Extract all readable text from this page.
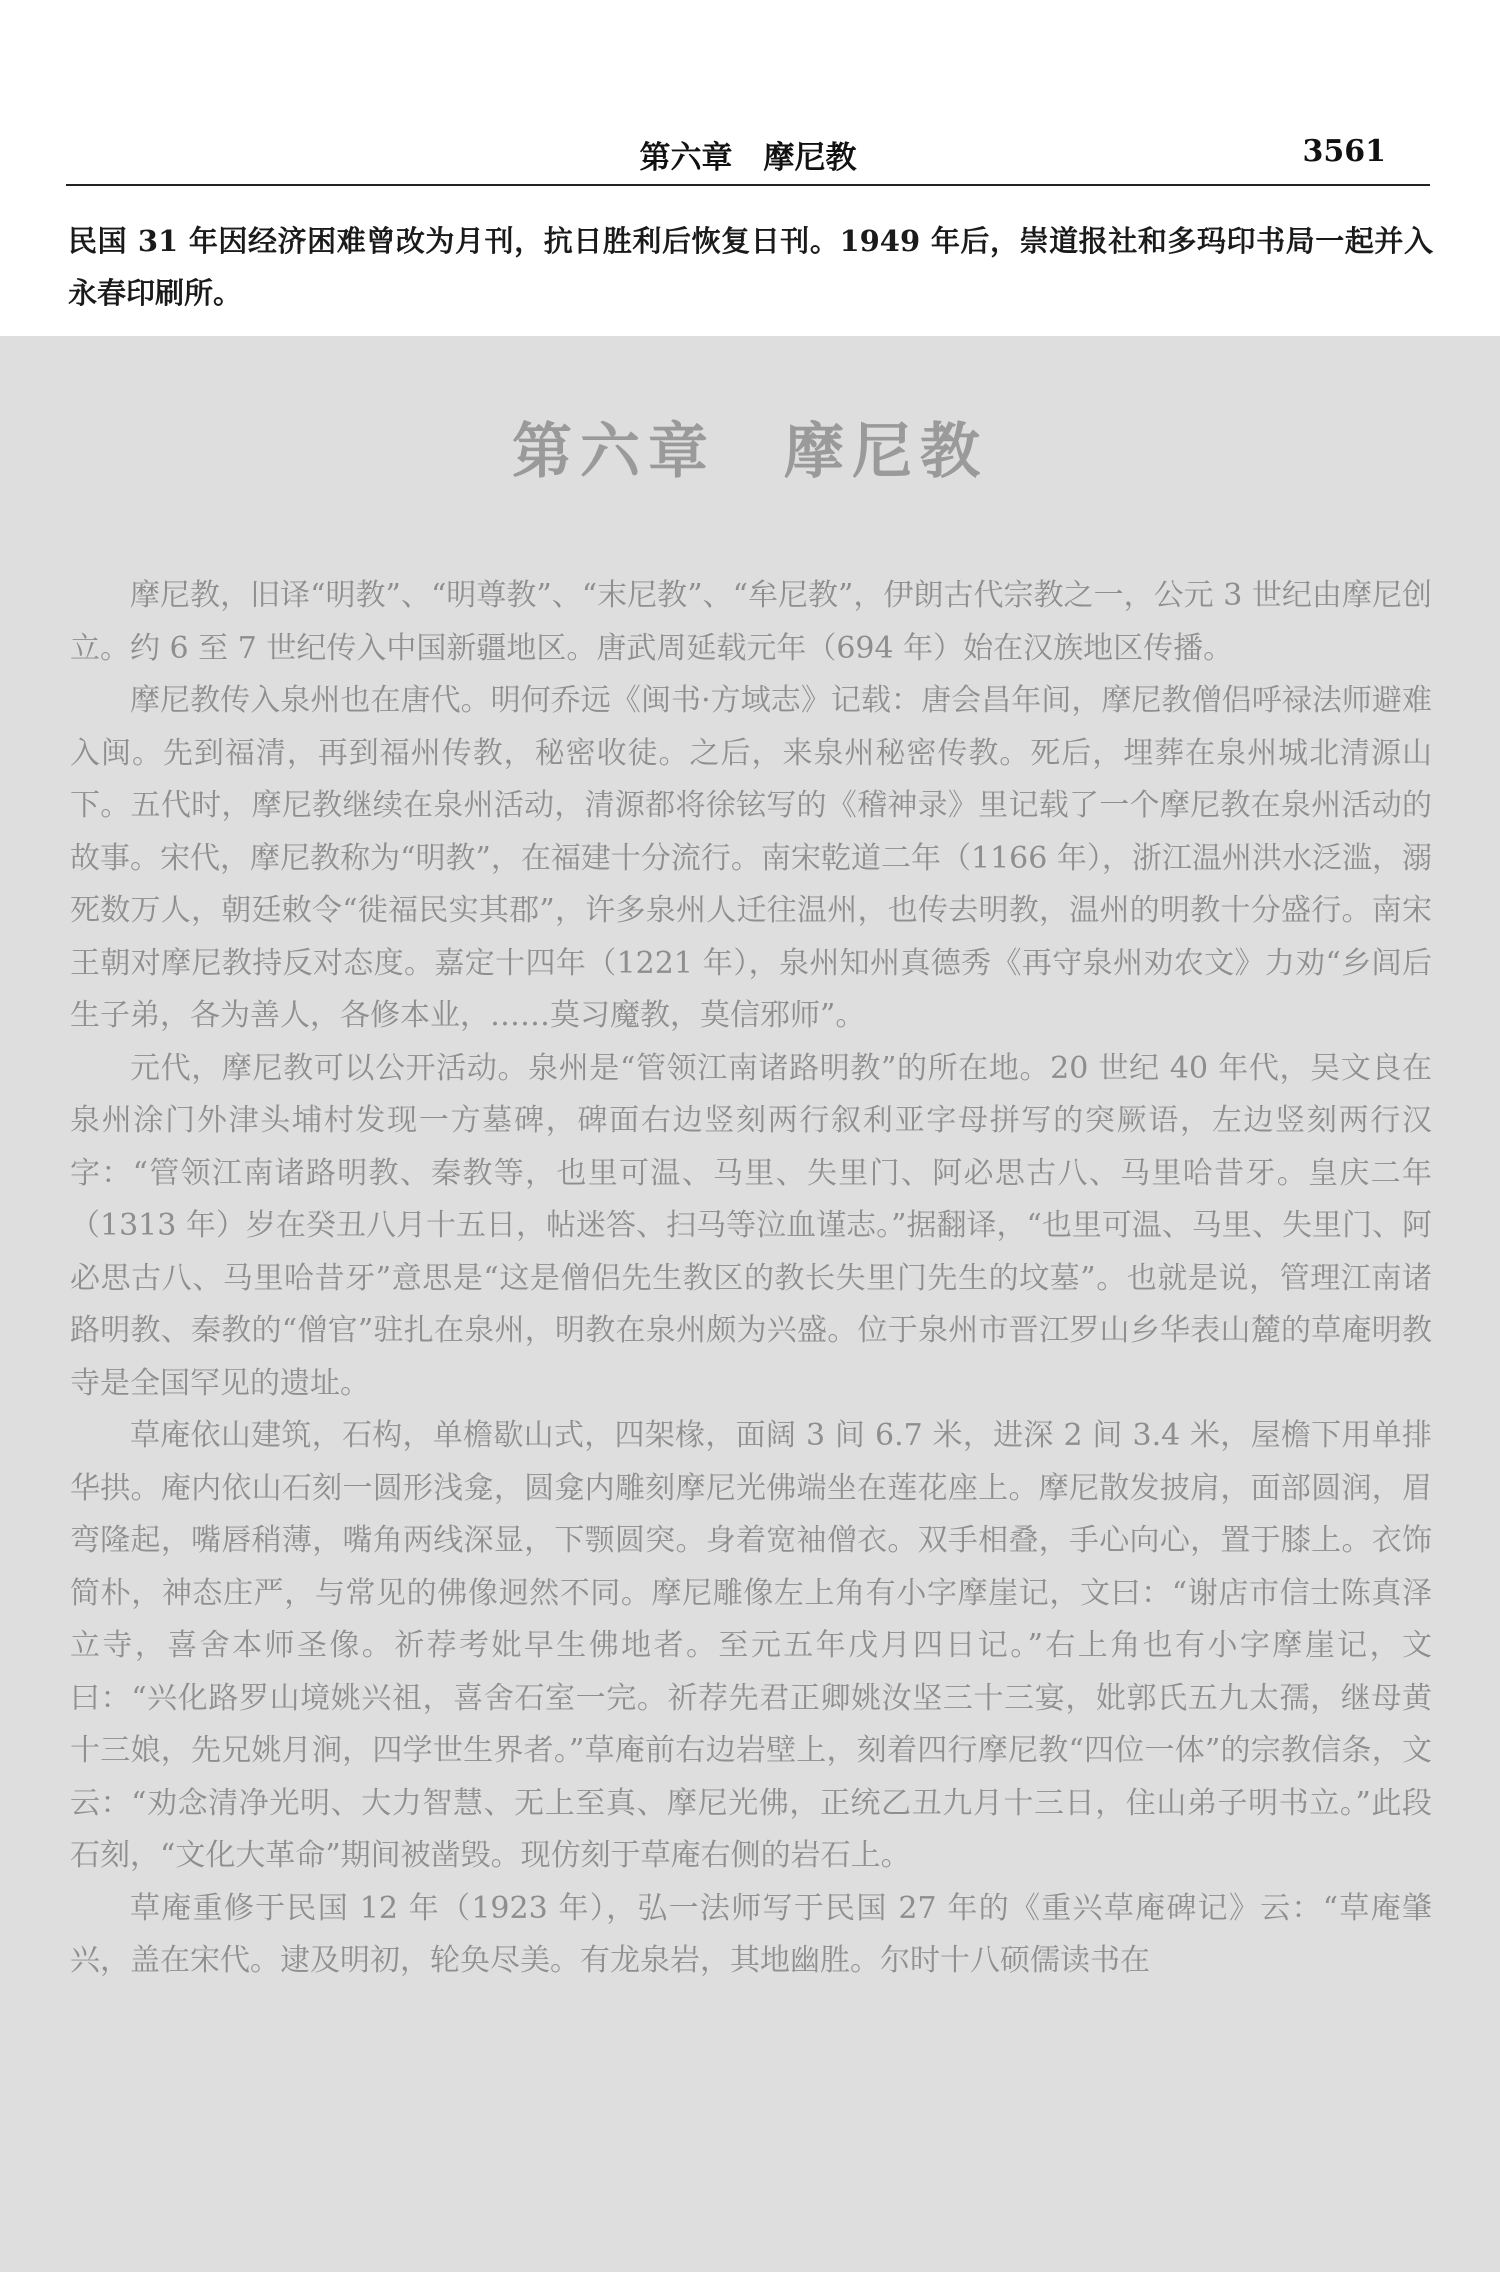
第六章　摩尼教	3561

民国 31 年因经济困难曾改为月刊，抗日胜利后恢复日刊。1949 年后，崇道报社和多玛印书局一起并入永春印刷所。

第六章　摩尼教

摩尼教，旧译“明教”、“明尊教”、“末尼教”、“牟尼教”，伊朗古代宗教之一，公元 3 世纪由摩尼创立。约 6 至 7 世纪传入中国新疆地区。唐武周延载元年（694 年）始在汉族地区传播。

摩尼教传入泉州也在唐代。明何乔远《闽书·方域志》记载：唐会昌年间，摩尼教僧侣呼禄法师避难入闽。先到福清，再到福州传教，秘密收徒。之后，来泉州秘密传教。死后，埋葬在泉州城北清源山下。五代时，摩尼教继续在泉州活动，清源都将徐铉写的《稽神录》里记载了一个摩尼教在泉州活动的故事。宋代，摩尼教称为“明教”，在福建十分流行。南宋乾道二年（1166 年），浙江温州洪水泛滥，溺死数万人，朝廷敕令“徙福民实其郡”，许多泉州人迁往温州，也传去明教，温州的明教十分盛行。南宋王朝对摩尼教持反对态度。嘉定十四年（1221 年），泉州知州真德秀《再守泉州劝农文》力劝“乡闾后生子弟，各为善人，各修本业，……莫习魔教，莫信邪师”。

元代，摩尼教可以公开活动。泉州是“管领江南诸路明教”的所在地。20 世纪 40 年代，吴文良在泉州涂门外津头埔村发现一方墓碑，碑面右边竖刻两行叙利亚字母拼写的突厥语，左边竖刻两行汉字：“管领江南诸路明教、秦教等，也里可温、马里、失里门、阿必思古八、马里哈昔牙。皇庆二年（1313 年）岁在癸丑八月十五日，帖迷答、扫马等泣血谨志。”据翻译，“也里可温、马里、失里门、阿必思古八、马里哈昔牙”意思是“这是僧侣先生教区的教长失里门先生的坟墓”。也就是说，管理江南诸路明教、秦教的“僧官”驻扎在泉州，明教在泉州颇为兴盛。位于泉州市晋江罗山乡华表山麓的草庵明教寺是全国罕见的遗址。

草庵依山建筑，石构，单檐歇山式，四架椽，面阔 3 间 6.7 米，进深 2 间 3.4 米，屋檐下用单排华拱。庵内依山石刻一圆形浅龛，圆龛内雕刻摩尼光佛端坐在莲花座上。摩尼散发披肩，面部圆润，眉弯隆起，嘴唇稍薄，嘴角两线深显，下颚圆突。身着宽袖僧衣。双手相叠，手心向心，置于膝上。衣饰简朴，神态庄严，与常见的佛像迥然不同。摩尼雕像左上角有小字摩崖记，文曰：“谢店市信士陈真泽立寺，喜舍本师圣像。祈荐考妣早生佛地者。至元五年戊月四日记。”右上角也有小字摩崖记，文曰：“兴化路罗山境姚兴祖，喜舍石室一完。祈荐先君正卿姚汝坚三十三宴，妣郭氏五九太孺，继母黄十三娘，先兄姚月涧，四学世生界者。”草庵前右边岩壁上，刻着四行摩尼教“四位一体”的宗教信条，文云：“劝念清净光明、大力智慧、无上至真、摩尼光佛，正统乙丑九月十三日，住山弟子明书立。”此段石刻，“文化大革命”期间被凿毁。现仿刻于草庵右侧的岩石上。

草庵重修于民国 12 年（1923 年），弘一法师写于民国 27 年的《重兴草庵碑记》云：“草庵肇兴，盖在宋代。逮及明初，轮奂尽美。有龙泉岩，其地幽胜。尔时十八硕儒读书在
